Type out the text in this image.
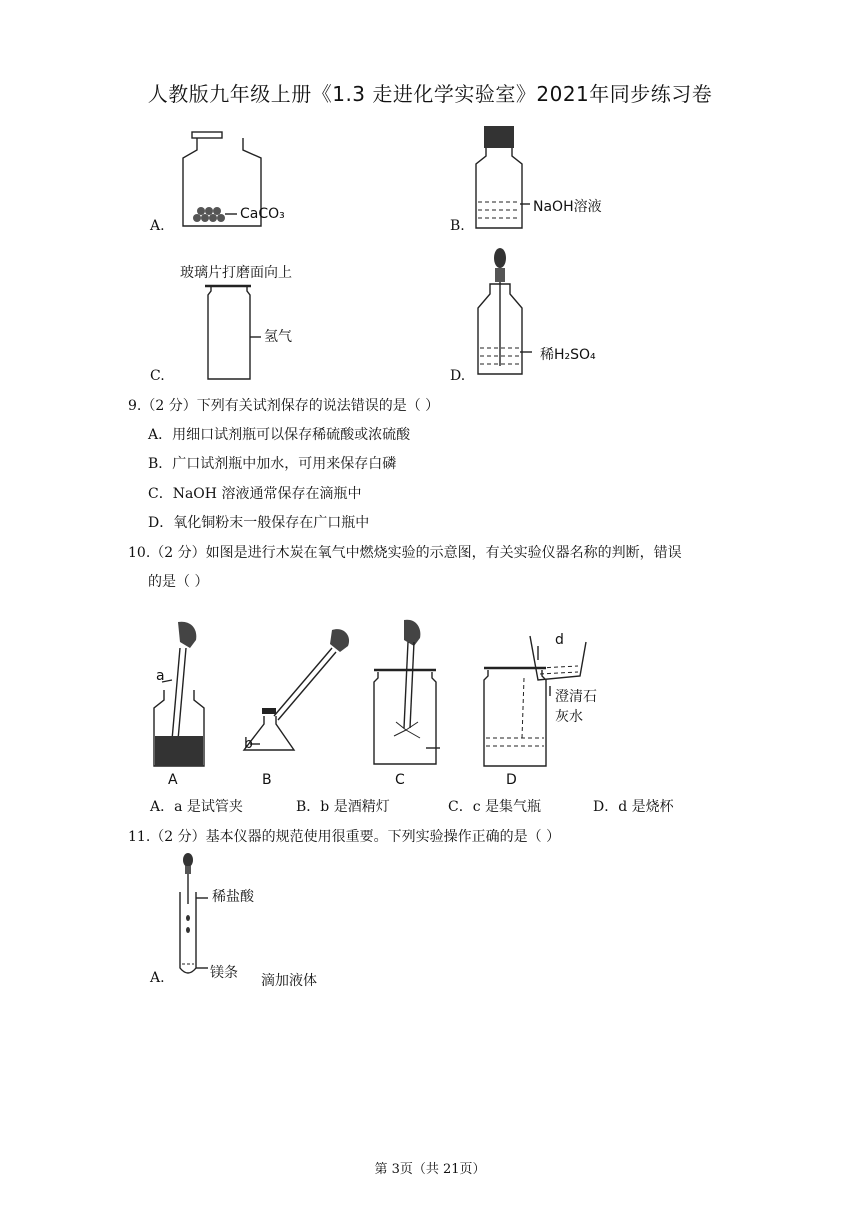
人教版九年级上册《1.3 走进化学实验室》2021年同步练习卷
A.
CaCO₃
B.
NaOH溶液
玻璃片打磨面向上
C.
氢气
D.
稀H₂SO₄
9.（2 分）下列有关试剂保存的说法错误的是（ ）
A．用细口试剂瓶可以保存稀硫酸或浓硫酸
B．广口试剂瓶中加水，可用来保存白磷
C．NaOH 溶液通常保存在滴瓶中
D．氧化铜粉末一般保存在广口瓶中
10.（2 分）如图是进行木炭在氧气中燃烧实验的示意图，有关实验仪器名称的判断，错误
的是（ ）
a
A
b
B	C
d
澄清石
灰水
D
A．a 是试管夹	B．b 是酒精灯	C．c 是集气瓶	D．d 是烧杯
11.（2 分）基本仪器的规范使用很重要。下列实验操作正确的是（ ）
稀盐酸
镁条
A.	滴加液体
第 3页（共 21页）
